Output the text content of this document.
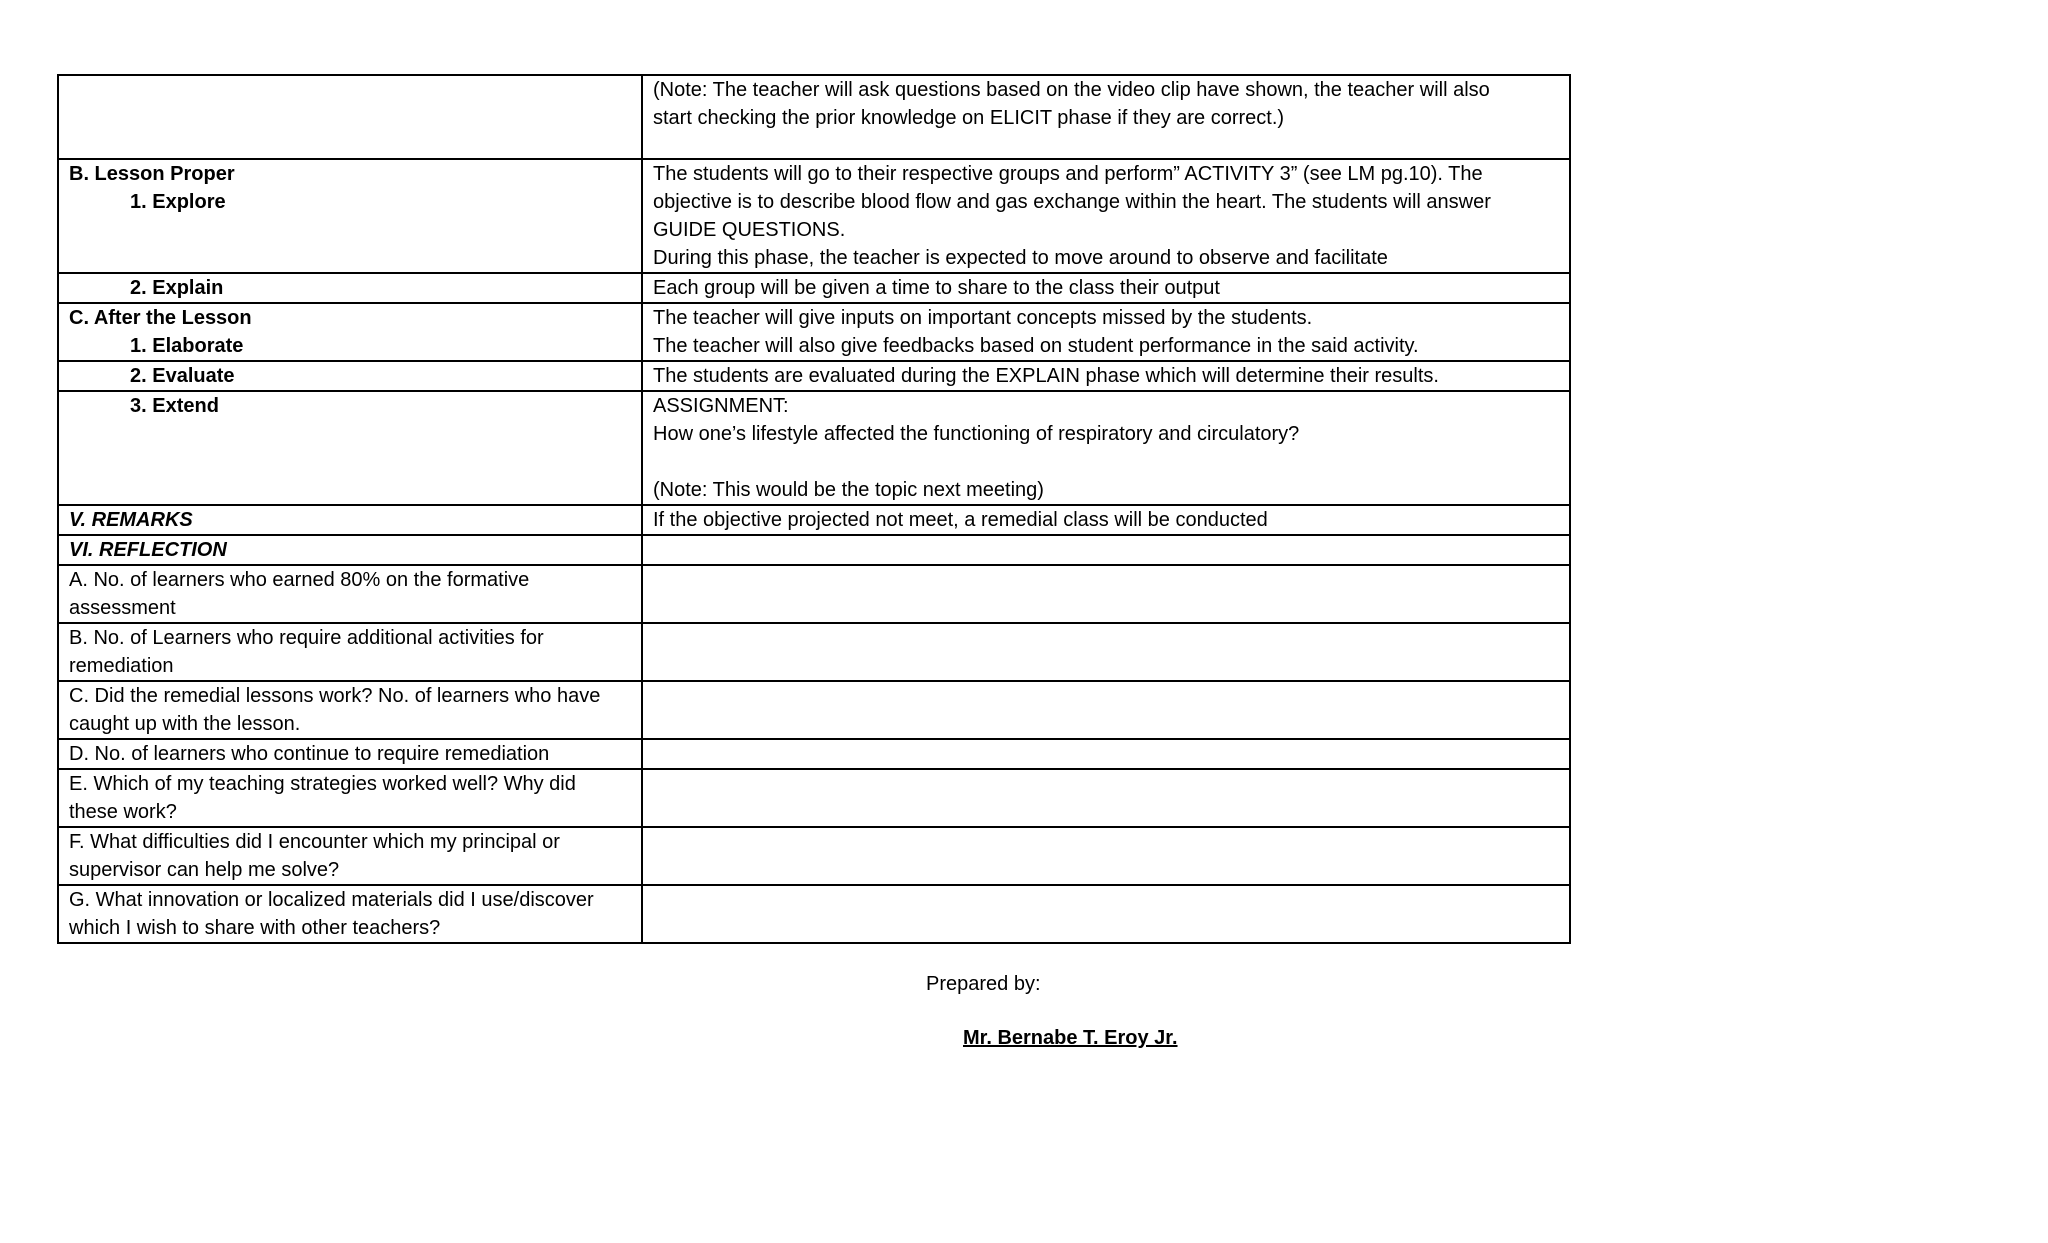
	(Note: The teacher will ask questions based on the video clip have shown, the teacher will also
start checking the prior knowledge on ELICIT phase if they are correct.)

B. Lesson Proper
1. Explore	The students will go to their respective groups and perform” ACTIVITY 3” (see LM pg.10). The
objective is to describe blood flow and gas exchange within the heart. The students will answer
GUIDE QUESTIONS.
During this phase, the teacher is expected to move around to observe and facilitate

2. Explain	Each group will be given a time to share to the class their output

C. After the Lesson
1. Elaborate	The teacher will give inputs on important concepts missed by the students.
The teacher will also give feedbacks based on student performance in the said activity.

2. Evaluate	The students are evaluated during the EXPLAIN phase which will determine their results.

3. Extend	ASSIGNMENT:
How one’s lifestyle affected the functioning of respiratory and circulatory?
(Note: This would be the topic next meeting)

V. REMARKS	If the objective projected not meet, a remedial class will be conducted

VI. REFLECTION	

A. No. of learners who earned 80% on the formative
assessment	

B. No. of Learners who require additional activities for
remediation	

C. Did the remedial lessons work? No. of learners who have
caught up with the lesson.	

D. No. of learners who continue to require remediation	

E. Which of my teaching strategies worked well? Why did
these work?	

F. What difficulties did I encounter which my principal or
supervisor can help me solve?	

G. What innovation or localized materials did I use/discover
which I wish to share with other teachers?	

Prepared by:
Mr. Bernabe T. Eroy Jr.
